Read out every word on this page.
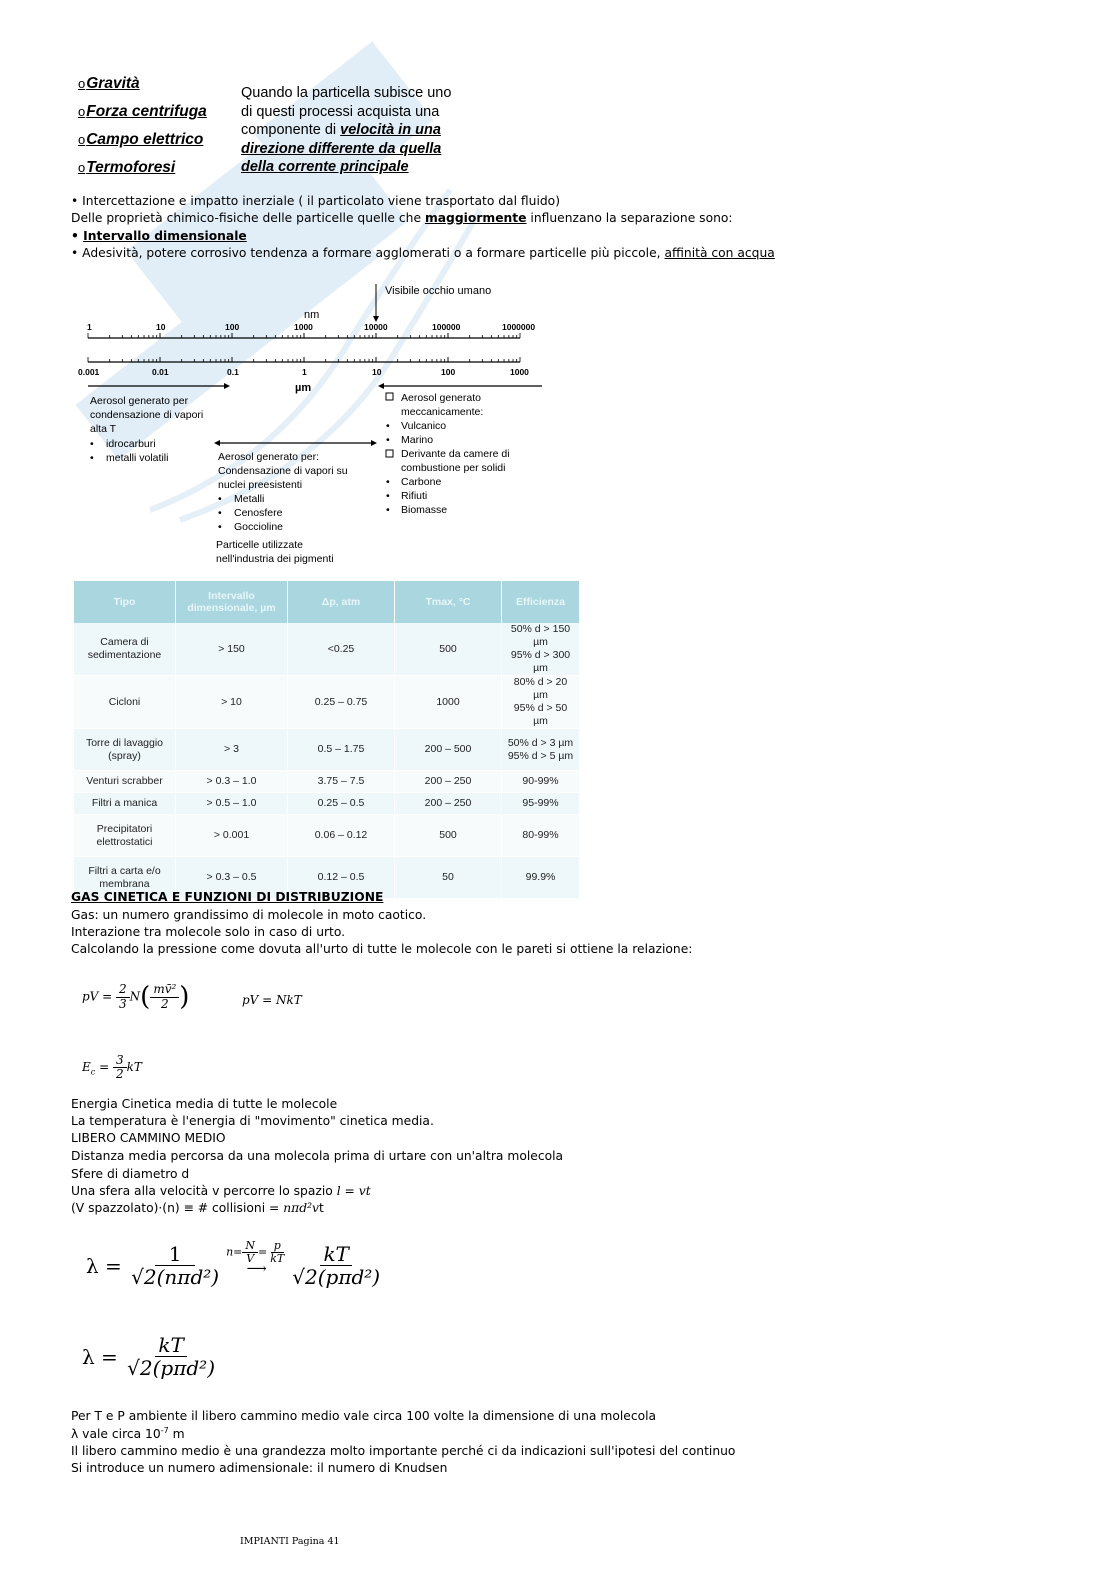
oGravità
oForza centrifuga
oCampo elettrico
oTermoforesi
Quando la particella subisce uno
di questi processi acquista una
componente di velocità in una
direzione differente da quella
della corrente principale
• Intercettazione e impatto inerziale ( il particolato viene trasportato dal fluido)
Delle proprietà chimico-fisiche delle particelle quelle che maggiormente influenzano la separazione sono:
• Intervallo dimensionale
• Adesività, potere corrosivo tendenza a formare agglomerati o a formare particelle più piccole, affinità con acqua
Visibile occhio umano
nm
1	10	100	1000	10000	100000	1000000
0.001	0.01	0.1	1	10	100	1000
µm
Aerosol generato per
condensazione di vapori
alta T
• idrocarburi
• metalli volatili	Aerosol generato per:
Condensazione di vapori su
nuclei preesistenti
• Metalli
• Cenosfere
• Goccioline
Particelle utilizzate
nell'industria dei pigmenti
Aerosol generato
meccanicamente:
• Vulcanico
• Marino
Derivante da camere di
combustione per solidi
• Carbone
• Rifiuti
• Biomasse
Tipo	Intervallo dimensionale, µm	Δp, atm	Tmax, °C	Efficienza
Camera di sedimentazione	> 150	<0.25	500	50% d > 150 µm
95% d > 300 µm
Cicloni	> 10	0.25 – 0.75	1000	80% d > 20 µm
95% d > 50 µm
Torre di lavaggio (spray)	> 3	0.5 – 1.75	200 – 500	50% d > 3 µm
95% d > 5 µm
Venturi scrabber	> 0.3 – 1.0	3.75 – 7.5	200 – 250	90-99%
Filtri a manica	> 0.5 – 1.0	0.25 – 0.5	200 – 250	95-99%
Precipitatori elettrostatici	> 0.001	0.06 – 0.12	500	80-99%
Filtri a carta e/o membrana	> 0.3 – 0.5	0.12 – 0.5	50	99.9%
GAS CINETICA E FUNZIONI DI DISTRIBUZIONE
Gas: un numero grandissimo di molecole in moto caotico.
Interazione tra molecole solo in caso di urto.
Calcolando la pressione come dovuta all'urto di tutte le molecole con le pareti si ottiene la relazione:
pV = $\frac{2}{3} N( \frac{\text{mv̄²}}{2}$ )	pV = NkT
$E_c = \frac{3}{2}$ kT
Energia Cinetica media di tutte le molecole
La temperatura è l'energia di "movimento" cinetica media.
LIBERO CAMMINO MEDIO
Distanza media percorsa da una molecola prima di urtare con un'altra molecola
Sfere di diametro d
Una sfera alla velocità v percorre lo spazio l = vt
(V spazzolato)·(n) ≡ # collisioni = nπd²vt
$\lambda = \frac{1}{\text{√2(nπd²)}} n= \frac{N}{V} = \frac{p}{kT}$
⟶ $\frac{kT}{\text{√2(pπd²)}}$
$\lambda = \frac{kT}{\text{√2(pπd²)}}$
Per T e P ambiente il libero cammino medio vale circa 100 volte la dimensione di una molecola
λ vale circa $10^{-7}$ m
Il libero cammino medio è una grandezza molto importante perché ci da indicazioni sull'ipotesi del continuo
Si introduce un numero adimensionale: il numero di Knudsen
IMPIANTI Pagina 41
